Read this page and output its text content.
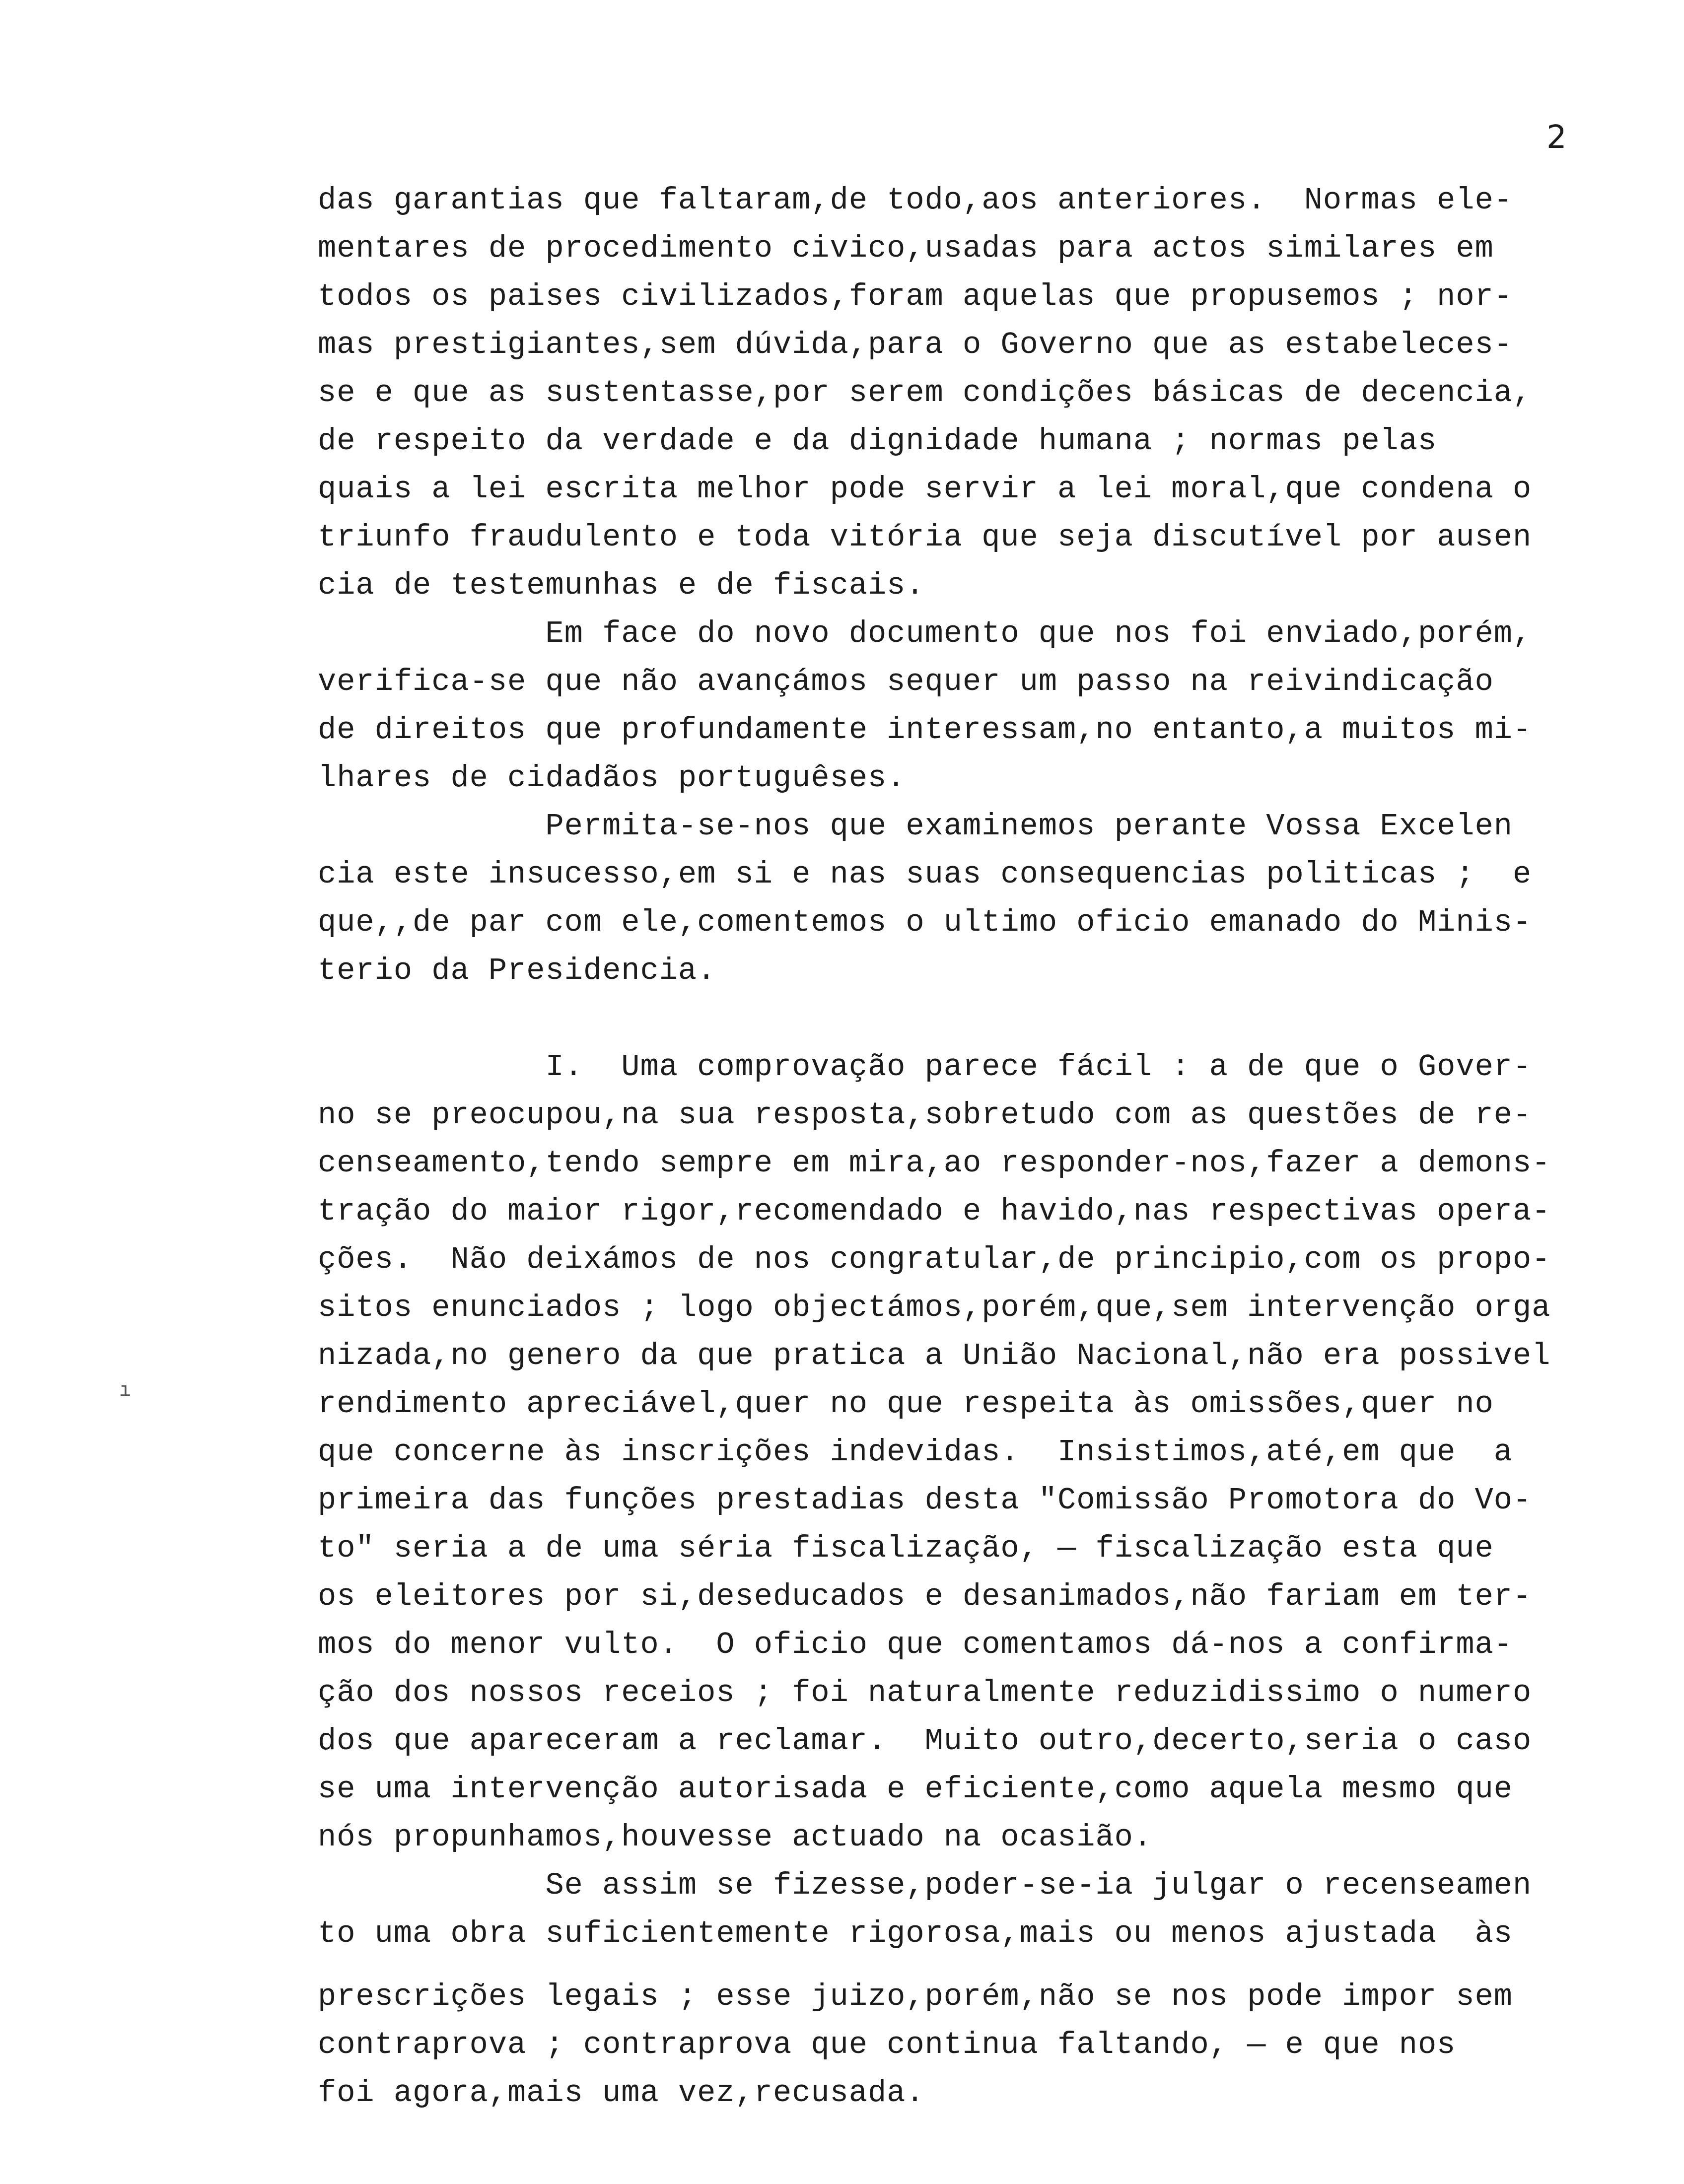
2
ı
das garantias que faltaram,de todo,aos anteriores.  Normas ele-
mentares de procedimento civico,usadas para actos similares em
todos os paises civilizados,foram aquelas que propusemos ; nor-
mas prestigiantes,sem dúvida,para o Governo que as estabeleces-
se e que as sustentasse,por serem condições básicas de decencia,
de respeito da verdade e da dignidade humana ; normas pelas
quais a lei escrita melhor pode servir a lei moral,que condena o
triunfo fraudulento e toda vitória que seja discutível por ausen
cia de testemunhas e de fiscais.
Em face do novo documento que nos foi enviado,porém,
verifica-se que não avançámos sequer um passo na reivindicação
de direitos que profundamente interessam,no entanto,a muitos mi-
lhares de cidadãos portuguêses.
Permita-se-nos que examinemos perante Vossa Excelen
cia este insucesso,em si e nas suas consequencias politicas ;  e
que,,de par com ele,comentemos o ultimo oficio emanado do Minis-
terio da Presidencia.
I.  Uma comprovação parece fácil : a de que o Gover-
no se preocupou,na sua resposta,sobretudo com as questões de re-
censeamento,tendo sempre em mira,ao responder-nos,fazer a demons-
tração do maior rigor,recomendado e havido,nas respectivas opera-
ções.  Não deixámos de nos congratular,de principio,com os propo-
sitos enunciados ; logo objectámos,porém,que,sem intervenção orga
nizada,no genero da que pratica a União Nacional,não era possivel
rendimento apreciável,quer no que respeita às omissões,quer no
que concerne às inscrições indevidas.  Insistimos,até,em que  a
primeira das funções prestadias desta "Comissão Promotora do Vo-
to" seria a de uma séria fiscalização, — fiscalização esta que
os eleitores por si,deseducados e desanimados,não fariam em ter-
mos do menor vulto.  O oficio que comentamos dá-nos a confirma-
ção dos nossos receios ; foi naturalmente reduzidissimo o numero
dos que apareceram a reclamar.  Muito outro,decerto,seria o caso
se uma intervenção autorisada e eficiente,como aquela mesmo que
nós propunhamos,houvesse actuado na ocasião.
Se assim se fizesse,poder-se-ia julgar o recenseamen
to uma obra suficientemente rigorosa,mais ou menos ajustada  às
prescrições legais ; esse juizo,porém,não se nos pode impor sem
contraprova ; contraprova que continua faltando, — e que nos
foi agora,mais uma vez,recusada.
